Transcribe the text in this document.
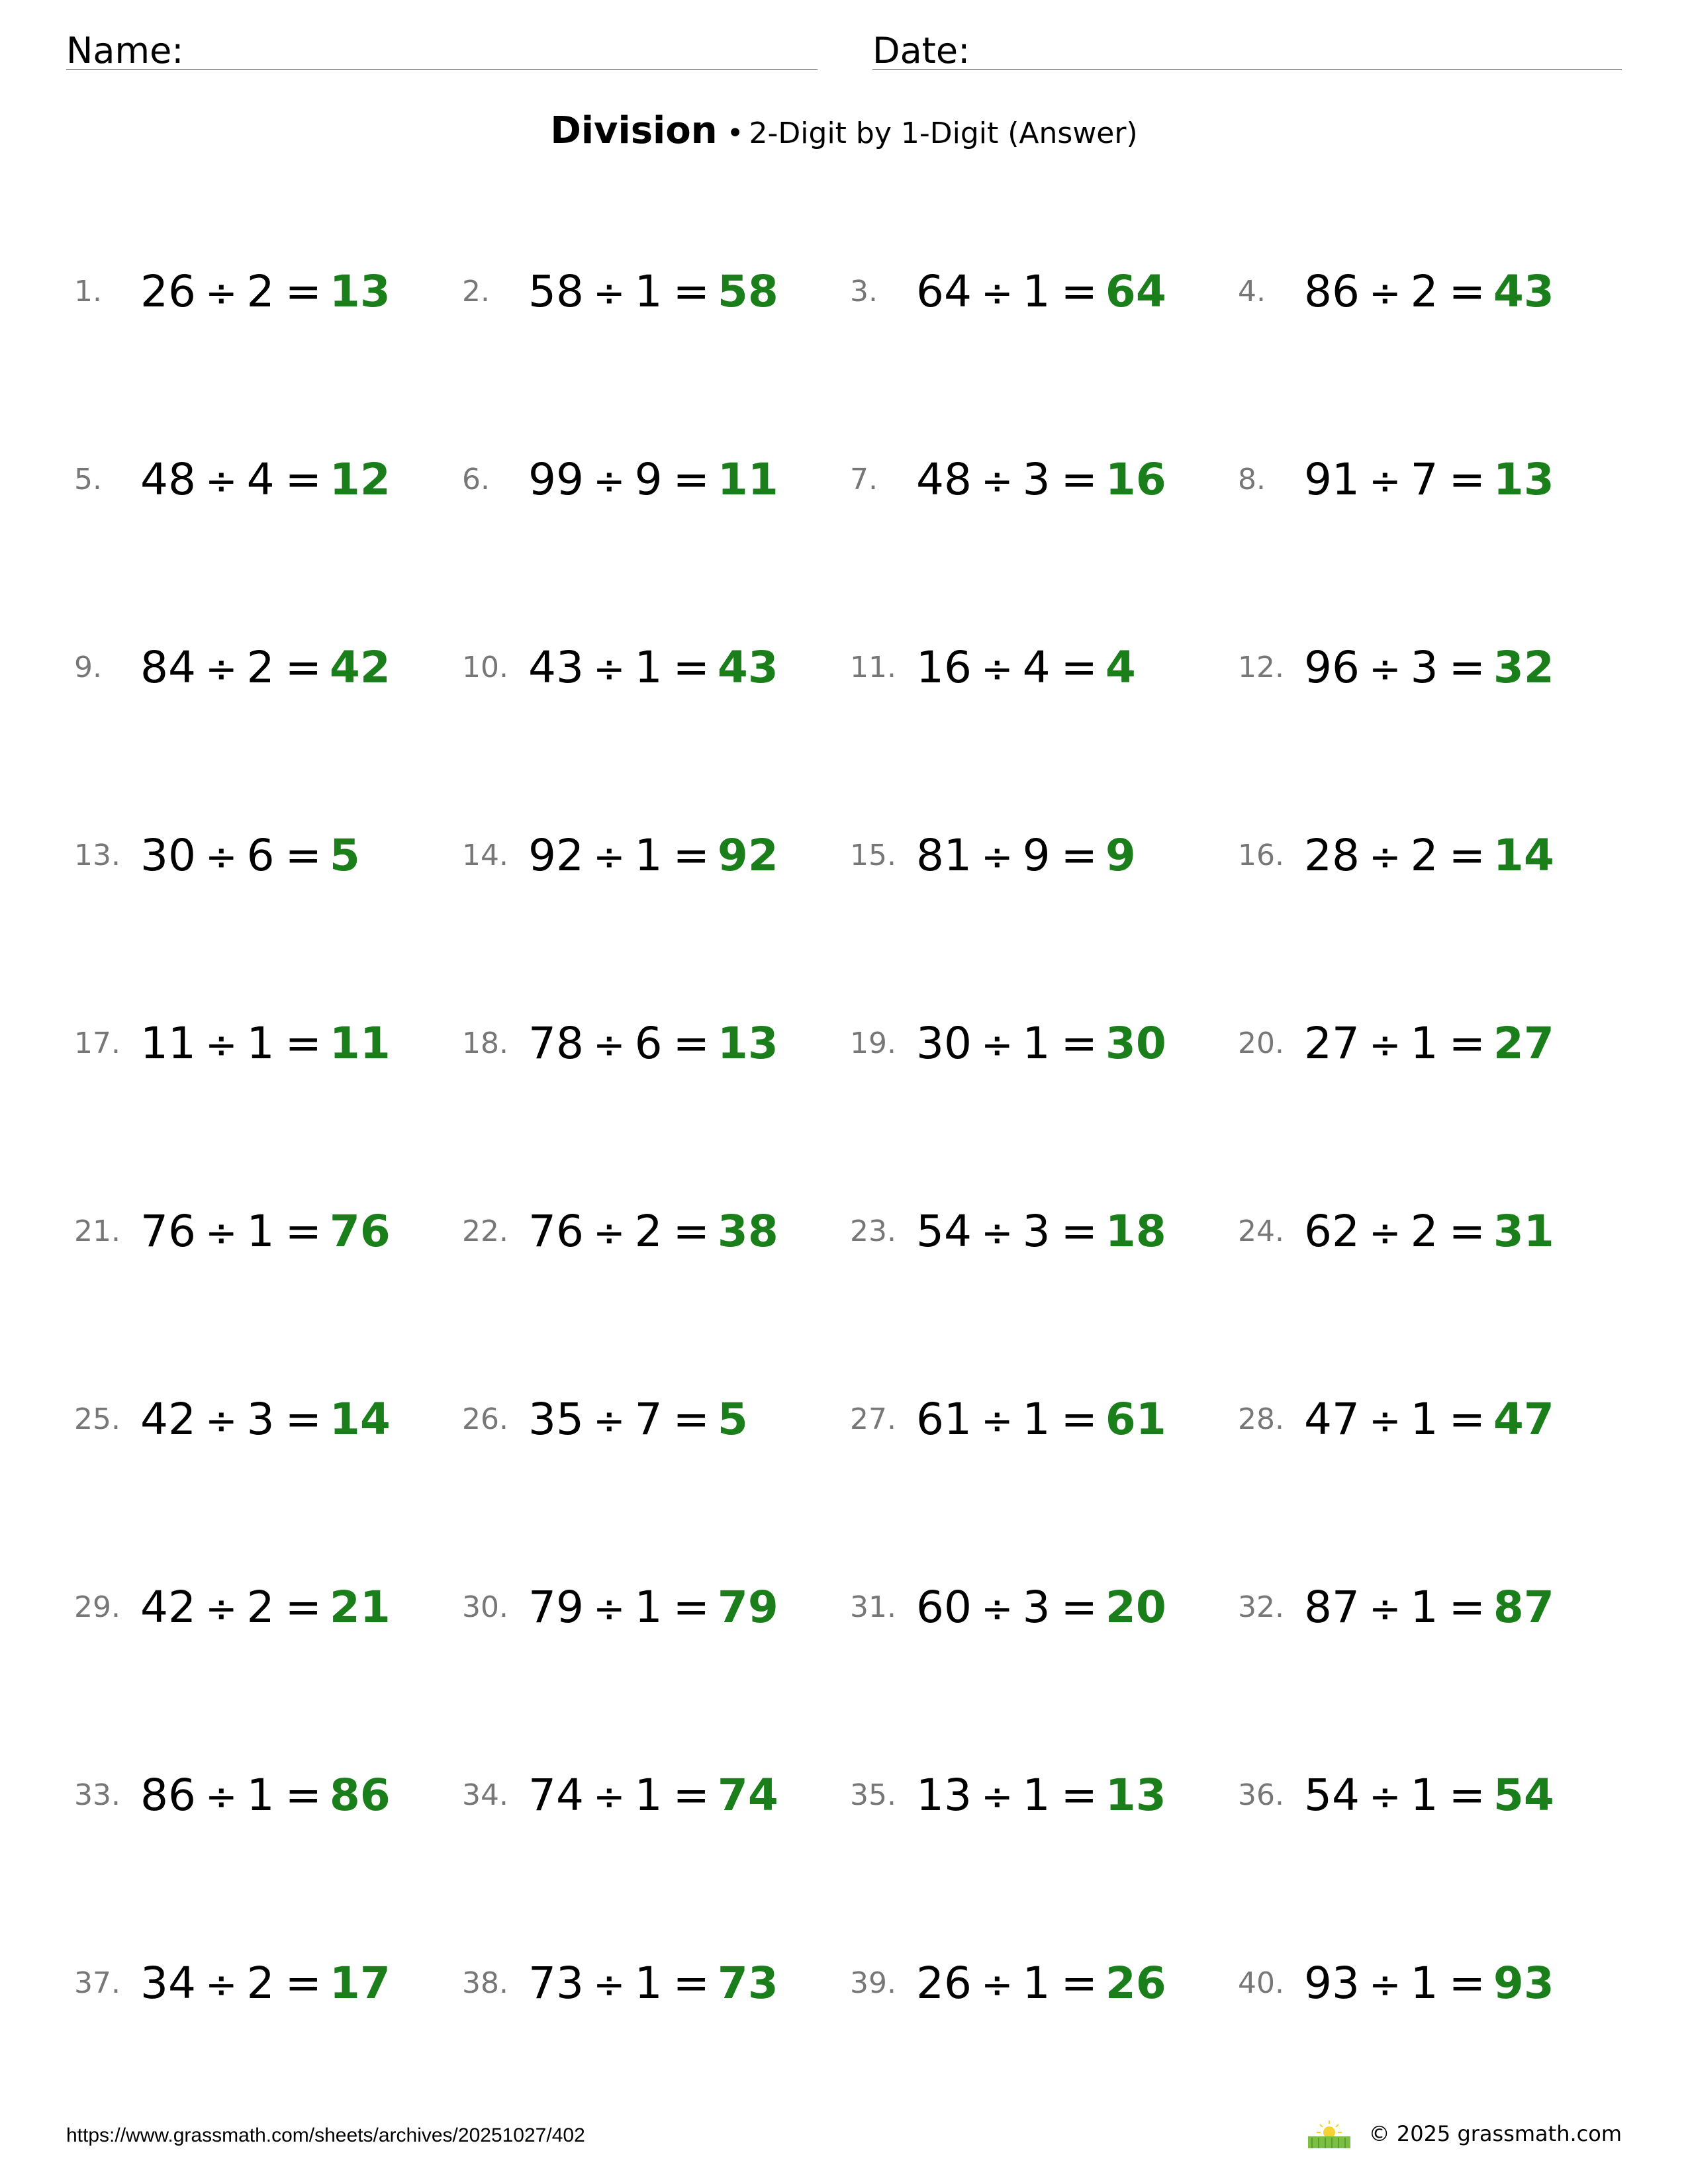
Name:	Date:
Division • 2-Digit by 1-Digit (Answer)
1. 26 ÷ 2 = 13 2. 58 ÷ 1 = 58 3. 64 ÷ 1 = 64 4. 86 ÷ 2 = 43
5. 48 ÷ 4 = 12 6. 99 ÷ 9 = 11 7. 48 ÷ 3 = 16 8. 91 ÷ 7 = 13
9. 84 ÷ 2 = 42 10. 43 ÷ 1 = 43 11. 16 ÷ 4 = 4	12. 96 ÷ 3 = 32
13. 30 ÷ 6 = 5	14. 92 ÷ 1 = 92 15. 81 ÷ 9 = 9	16. 28 ÷ 2 = 14
17. 11 ÷ 1 = 11 18. 78 ÷ 6 = 13 19. 30 ÷ 1 = 30 20. 27 ÷ 1 = 27
21. 76 ÷ 1 = 76 22. 76 ÷ 2 = 38 23. 54 ÷ 3 = 18 24. 62 ÷ 2 = 31
25. 42 ÷ 3 = 14 26. 35 ÷ 7 = 5	27. 61 ÷ 1 = 61 28. 47 ÷ 1 = 47
29. 42 ÷ 2 = 21 30. 79 ÷ 1 = 79 31. 60 ÷ 3 = 20 32. 87 ÷ 1 = 87
33. 86 ÷ 1 = 86 34. 74 ÷ 1 = 74 35. 13 ÷ 1 = 13 36. 54 ÷ 1 = 54
37. 34 ÷ 2 = 17 38. 73 ÷ 1 = 73 39. 26 ÷ 1 = 26 40. 93 ÷ 1 = 93
https://www.grassmath.com/sheets/archives/20251027/402	© 2025 grassmath.com
